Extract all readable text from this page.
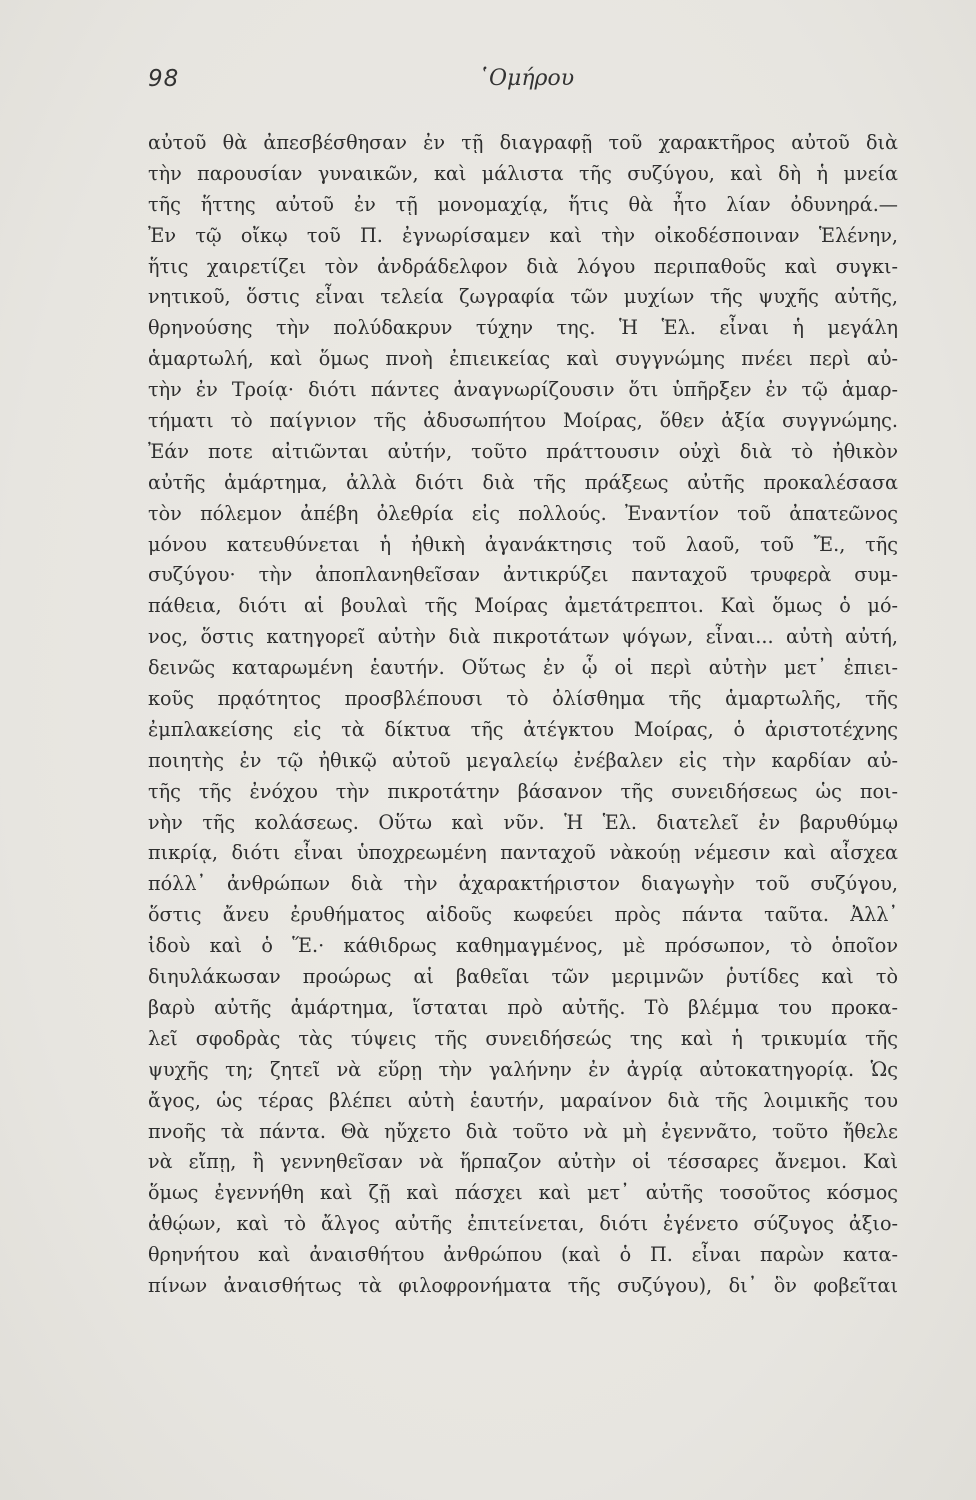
98	῾Ομήρου
αὐτοῦ θὰ ἀπεσβέσθησαν ἐν τῇ διαγραφῇ τοῦ χαρακτῆρος αὐτοῦ διὰ
τὴν παρουσίαν γυναικῶν, καὶ μάλιστα τῆς συζύγου, καὶ δὴ ἡ μνεία
τῆς ἥττης αὐτοῦ ἐν τῇ μονομαχίᾳ, ἥτις θὰ ἦτο λίαν ὀδυνηρά.—
Ἐν τῷ οἴκῳ τοῦ Π. ἐγνωρίσαμεν καὶ τὴν οἰκοδέσποιναν Ἑλένην,
ἥτις χαιρετίζει τὸν ἀνδράδελφον διὰ λόγου περιπαθοῦς καὶ συγκι-
νητικοῦ, ὅστις εἶναι τελεία ζωγραφία τῶν μυχίων τῆς ψυχῆς αὐτῆς,
θρηνούσης τὴν πολύδακρυν τύχην της. Ἡ Ἑλ. εἶναι ἡ μεγάλη
ἁμαρτωλή, καὶ ὅμως πνοὴ ἐπιεικείας καὶ συγγνώμης πνέει περὶ αὐ-
τὴν ἐν Τροίᾳ· διότι πάντες ἀναγνωρίζουσιν ὅτι ὑπῆρξεν ἐν τῷ ἁμαρ-
τήματι τὸ παίγνιον τῆς ἀδυσωπήτου Μοίρας, ὅθεν ἀξία συγγνώμης.
Ἐάν ποτε αἰτιῶνται αὐτήν, τοῦτο πράττουσιν οὐχὶ διὰ τὸ ἠθικὸν
αὐτῆς ἁμάρτημα, ἀλλὰ διότι διὰ τῆς πράξεως αὐτῆς προκαλέσασα
τὸν πόλεμον ἀπέβη ὀλεθρία εἰς πολλούς. Ἐναντίον τοῦ ἀπατεῶνος
μόνου κατευθύνεται ἡ ἠθικὴ ἀγανάκτησις τοῦ λαοῦ, τοῦ Ἔ., τῆς
συζύγου· τὴν ἀποπλανηθεῖσαν ἀντικρύζει πανταχοῦ τρυφερὰ συμ-
πάθεια, διότι αἱ βουλαὶ τῆς Μοίρας ἀμετάτρεπτοι. Καὶ ὅμως ὁ μό-
νος, ὅστις κατηγορεῖ αὐτὴν διὰ πικροτάτων ψόγων, εἶναι... αὐτὴ αὐτή,
δεινῶς καταρωμένη ἑαυτήν. Οὕτως ἐν ᾧ οἱ περὶ αὐτὴν μετ᾽ ἐπιει-
κοῦς πρᾳότητος προσβλέπουσι τὸ ὀλίσθημα τῆς ἁμαρτωλῆς, τῆς
ἐμπλακείσης εἰς τὰ δίκτυα τῆς ἀτέγκτου Μοίρας, ὁ ἀριστοτέχνης
ποιητὴς ἐν τῷ ἠθικῷ αὐτοῦ μεγαλείῳ ἐνέβαλεν εἰς τὴν καρδίαν αὐ-
τῆς τῆς ἐνόχου τὴν πικροτάτην βάσανον τῆς συνειδήσεως ὡς ποι-
νὴν τῆς κολάσεως. Οὕτω καὶ νῦν. Ἡ Ἑλ. διατελεῖ ἐν βαρυθύμῳ
πικρίᾳ, διότι εἶναι ὑποχρεωμένη πανταχοῦ νὰκούῃ νέμεσιν καὶ αἶσχεα
πόλλ᾽ ἀνθρώπων διὰ τὴν ἀχαρακτήριστον διαγωγὴν τοῦ συζύγου,
ὅστις ἄνευ ἐρυθήματος αἰδοῦς κωφεύει πρὸς πάντα ταῦτα. Ἀλλ᾽
ἰδοὺ καὶ ὁ Ἕ.· κάθιδρως καθημαγμένος, μὲ πρόσωπον, τὸ ὁποῖον
διηυλάκωσαν προώρως αἱ βαθεῖαι τῶν μεριμνῶν ῥυτίδες καὶ τὸ
βαρὺ αὐτῆς ἁμάρτημα, ἵσταται πρὸ αὐτῆς. Τὸ βλέμμα του προκα-
λεῖ σφοδρὰς τὰς τύψεις τῆς συνειδήσεώς της καὶ ἡ τρικυμία τῆς
ψυχῆς τη; ζητεῖ νὰ εὕρῃ τὴν γαλήνην ἐν ἀγρίᾳ αὐτοκατηγορίᾳ. Ὡς
ἄγος, ὡς τέρας βλέπει αὐτὴ ἑαυτήν, μαραίνον διὰ τῆς λοιμικῆς του
πνοῆς τὰ πάντα. Θὰ ηὔχετο διὰ τοῦτο νὰ μὴ ἐγεννᾶτο, τοῦτο ἤθελε
νὰ εἴπῃ, ἢ γεννηθεῖσαν νὰ ἥρπαζον αὐτὴν οἱ τέσσαρες ἄνεμοι. Καὶ
ὅμως ἐγεννήθη καὶ ζῇ καὶ πάσχει καὶ μετ᾽ αὐτῆς τοσοῦτος κόσμος
ἀθῴων, καὶ τὸ ἄλγος αὐτῆς ἐπιτείνεται, διότι ἐγένετο σύζυγος ἀξιο-
θρηνήτου καὶ ἀναισθήτου ἀνθρώπου (καὶ ὁ Π. εἶναι παρὼν κατα-
πίνων ἀναισθήτως τὰ φιλοφρονήματα τῆς συζύγου), δι᾽ ὃν φοβεῖται
